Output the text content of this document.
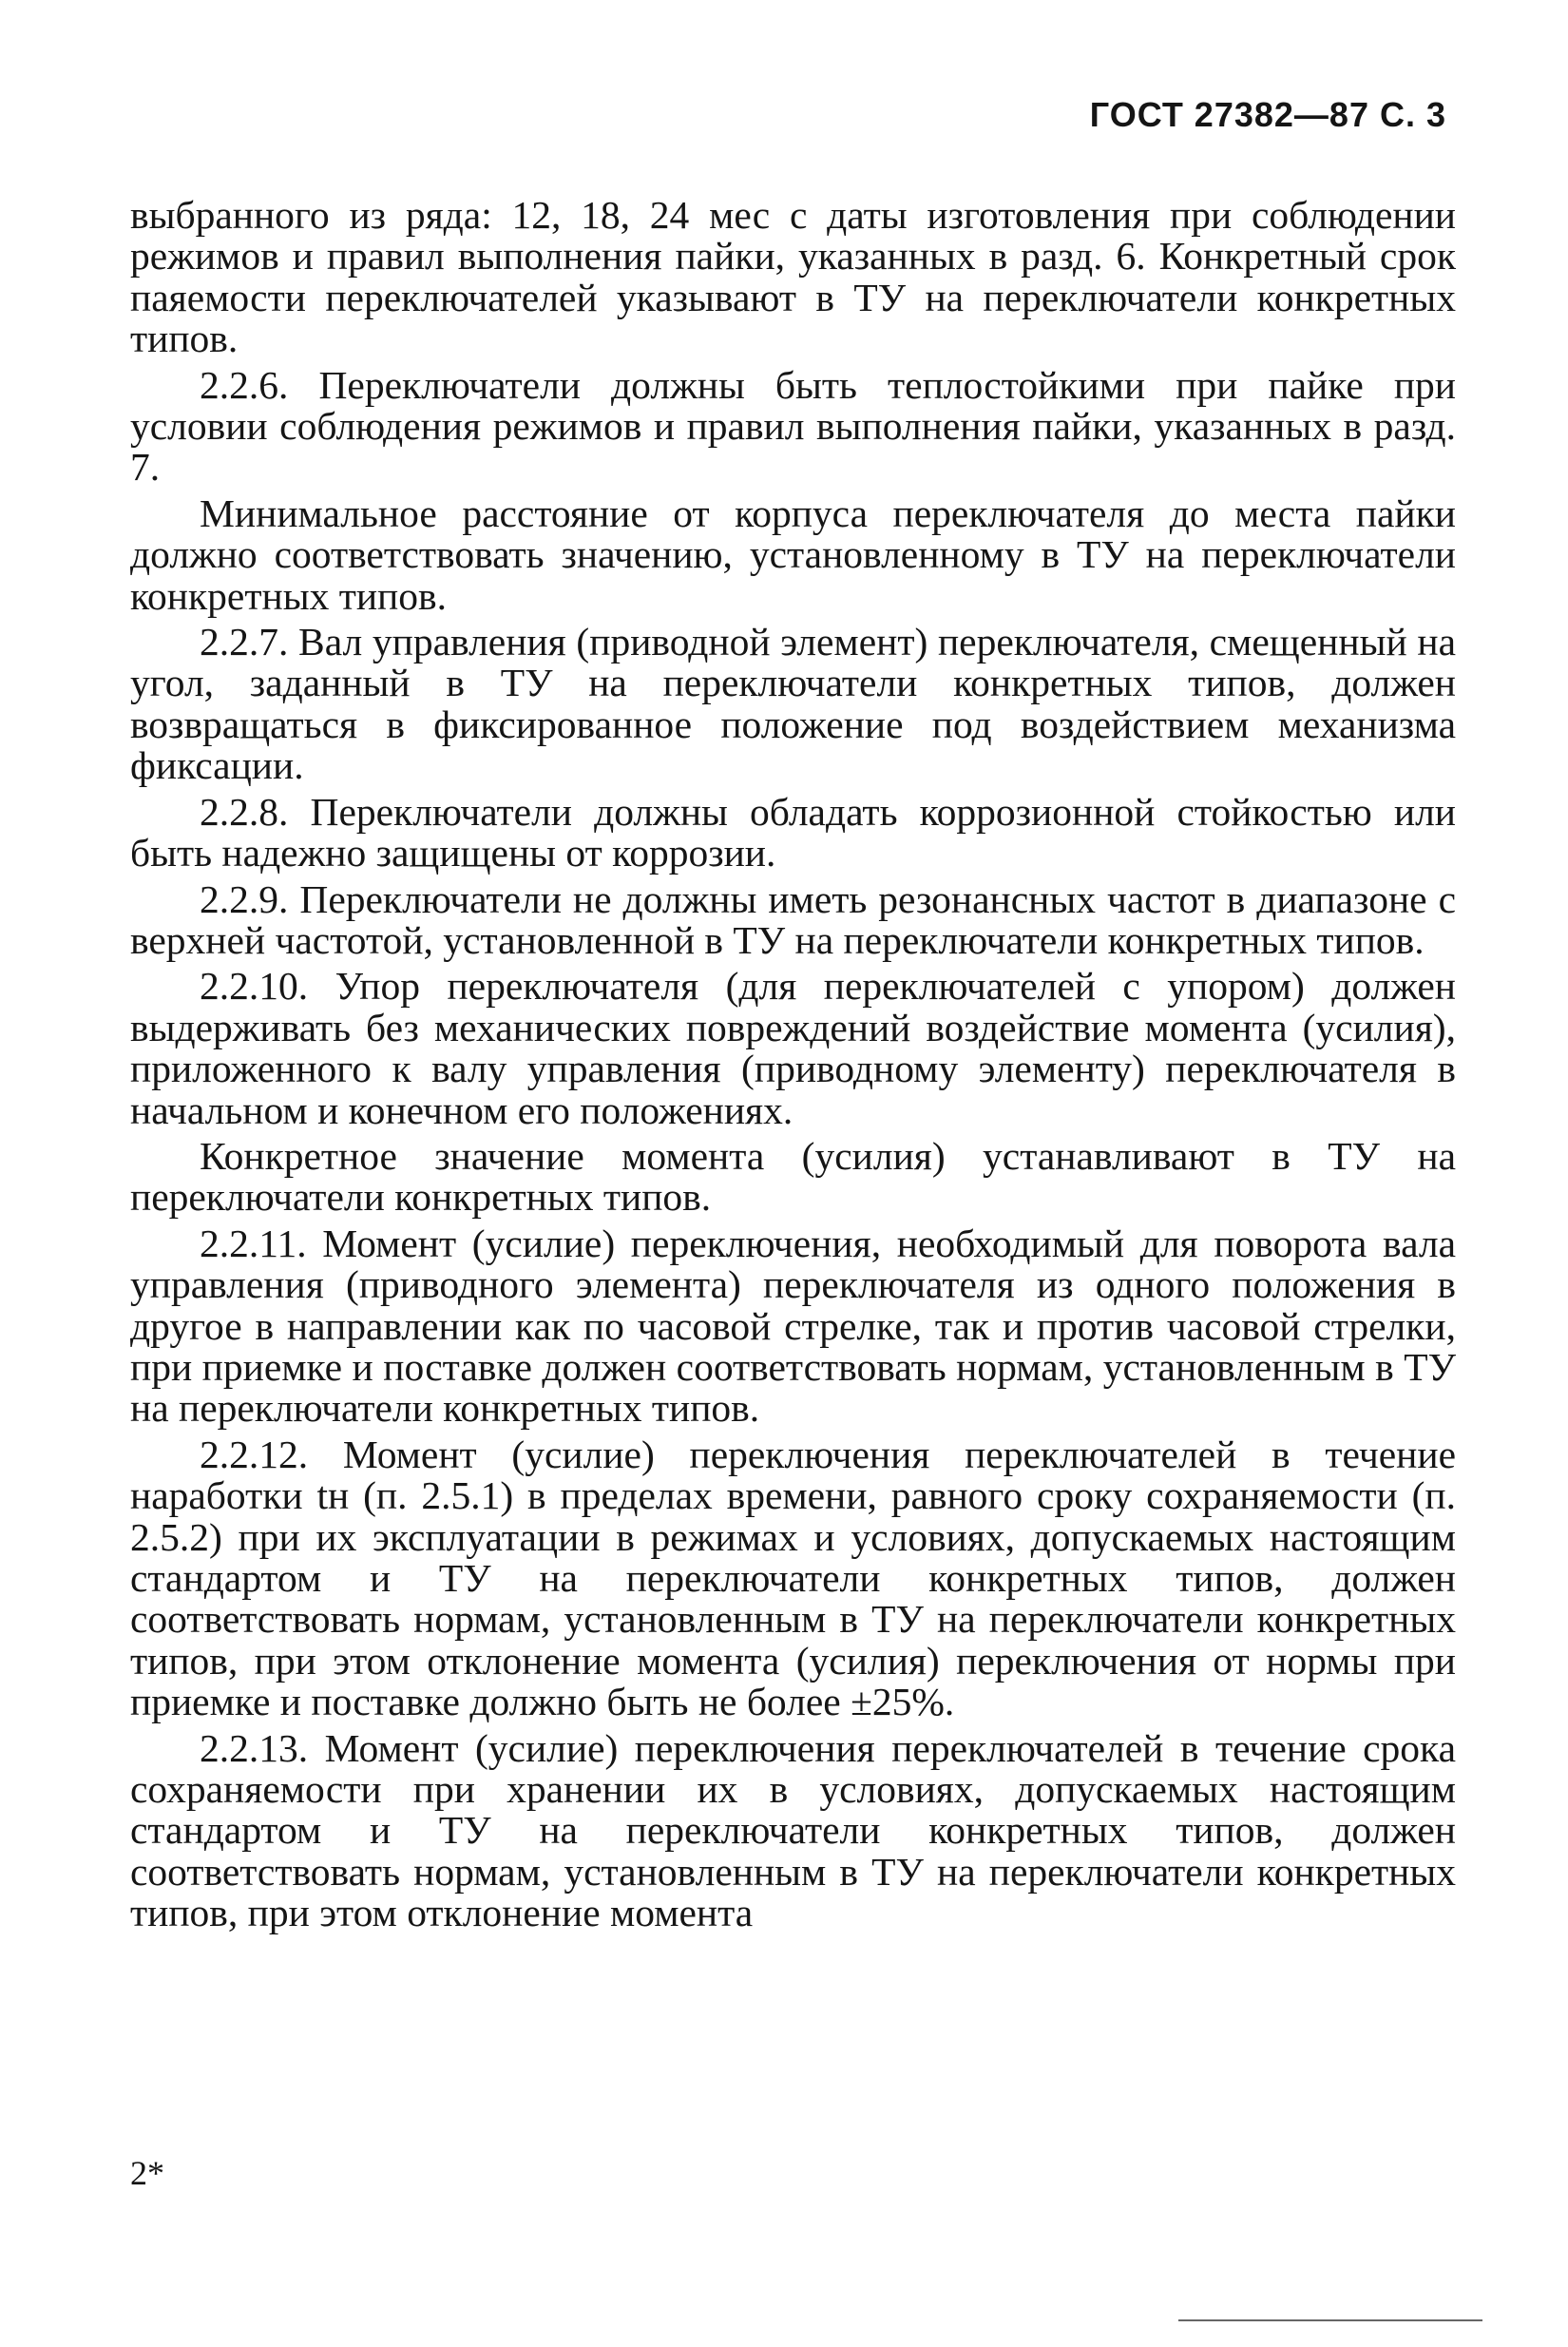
ГОСТ 27382—87 С. 3

выбранного из ряда: 12, 18, 24 мес с даты изготовления при соблюдении режимов и правил выполнения пайки, указанных в разд. 6. Конкретный срок паяемости переключателей указывают в ТУ на переключатели конкретных типов.

2.2.6. Переключатели должны быть теплостойкими при пайке при условии соблюдения режимов и правил выполнения пайки, указанных в разд. 7.

Минимальное расстояние от корпуса переключателя до места пайки должно соответствовать значению, установленному в ТУ на переключатели конкретных типов.

2.2.7. Вал управления (приводной элемент) переключателя, смещенный на угол, заданный в ТУ на переключатели конкретных типов, должен возвращаться в фиксированное положение под воздействием механизма фиксации.

2.2.8. Переключатели должны обладать коррозионной стойкостью или быть надежно защищены от коррозии.

2.2.9. Переключатели не должны иметь резонансных частот в диапазоне с верхней частотой, установленной в ТУ на переключатели конкретных типов.

2.2.10. Упор переключателя (для переключателей с упором) должен выдерживать без механических повреждений воздействие момента (усилия), приложенного к валу управления (приводному элементу) переключателя в начальном и конечном его положениях.

Конкретное значение момента (усилия) устанавливают в ТУ на переключатели конкретных типов.

2.2.11. Момент (усилие) переключения, необходимый для поворота вала управления (приводного элемента) переключателя из одного положения в другое в направлении как по часовой стрелке, так и против часовой стрелки, при приемке и поставке должен соответствовать нормам, установленным в ТУ на переключатели конкретных типов.

2.2.12. Момент (усилие) переключения переключателей в течение наработки tн (п. 2.5.1) в пределах времени, равного сроку сохраняемости (п. 2.5.2) при их эксплуатации в режимах и условиях, допускаемых настоящим стандартом и ТУ на переключатели конкретных типов, должен соответствовать нормам, установленным в ТУ на переключатели конкретных типов, при этом отклонение момента (усилия) переключения от нормы при приемке и поставке должно быть не более ±25%.

2.2.13. Момент (усилие) переключения переключателей в течение срока сохраняемости при хранении их в условиях, допускаемых настоящим стандартом и ТУ на переключатели конкретных типов, должен соответствовать нормам, установленным в ТУ на переключатели конкретных типов, при этом отклонение момента

2*
